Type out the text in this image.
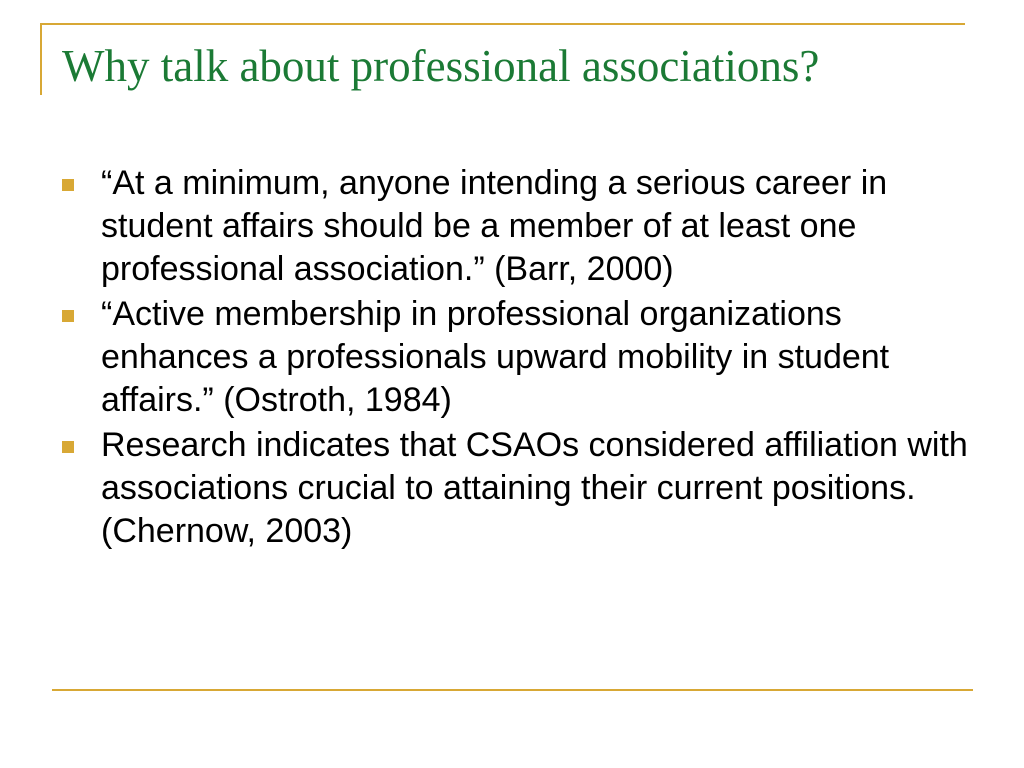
Why talk about professional associations?
“At a minimum, anyone intending a serious career in student affairs should be a member of at least one professional association.” (Barr, 2000)
“Active membership in professional organizations enhances a professionals upward mobility in student affairs.” (Ostroth, 1984)
Research indicates that CSAOs considered affiliation with associations crucial to attaining their current positions. (Chernow, 2003)
